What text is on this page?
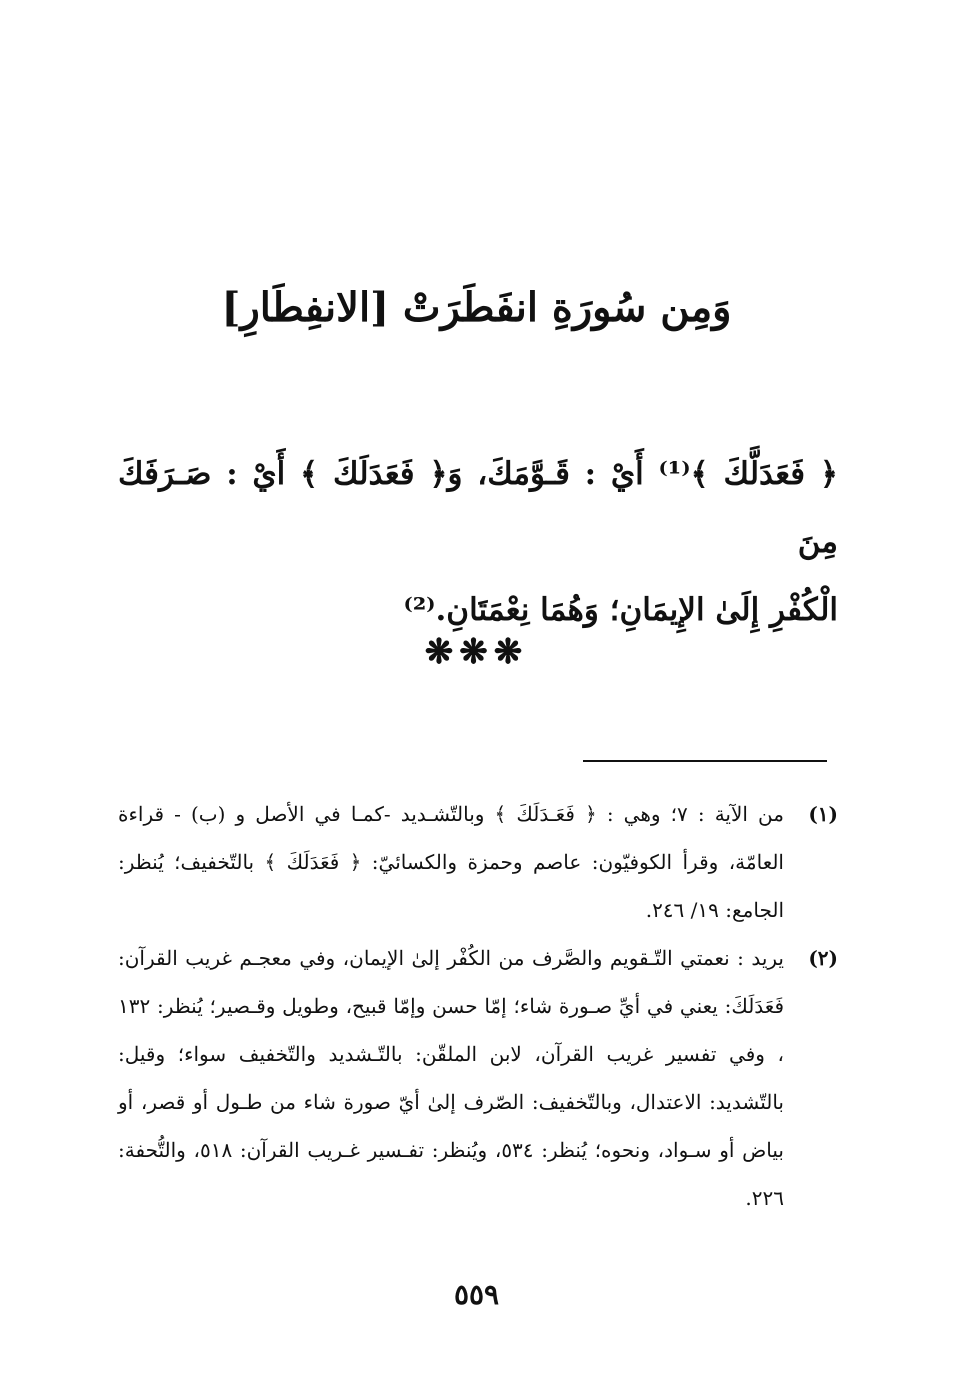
وَمِن سُورَةِ انفَطَرَتْ [الانفِطَارِ]

﴿ فَعَدَلَّكَ ﴾⁽¹⁾ أَيْ : قَـوَّمَكَ، وَ﴿ فَعَدَلَكَ ﴾ أَيْ : صَـرَفَكَ مِنَ

الْكُفْرِ إِلَىٰ الإِيمَانِ؛ وَهُمَا نِعْمَتَانِ.⁽²⁾

❋❋❋

(١)
من الآية : ٧؛ وهي : ﴿ فَعَـدَلَكَ ﴾ وبالتّشـديد -كمـا في الأصل و (ب) - قراءة العامّة، وقرأ الكوفيّون: عاصم وحمزة والكسائيّ: ﴿ فَعَدَلَكَ ﴾ بالتّخفيف؛ يُنظر: الجامع: ١٩/ ٢٤٦.

(٢)
يريد : نعمتي التّـقويم والصَّرف من الكُفْر إلىٰ الإيمان، وفي معجـم غريب القرآن: فَعَدَلَكَ: يعني في أيِّ صـورة شاء؛ إمّا حسن وإمّا قبيح، وطويل وقـصير؛ يُنظر: ١٣٢ ، وفي تفسير غريب القرآن، لابن الملقّن: بالتّـشديد والتّخفيف سواء؛ وقيل: بالتّشديد: الاعتدال، وبالتّخفيف: الصّرف إلىٰ أيّ صورة شاء من طـول أو قصر، أو بياض أو سـواد، ونحوه؛ يُنظر: ٥٣٤، ويُنظر: تفـسير غـريب القرآن: ٥١٨، والتُّحفة: ٢٢٦.

٥٥٩
